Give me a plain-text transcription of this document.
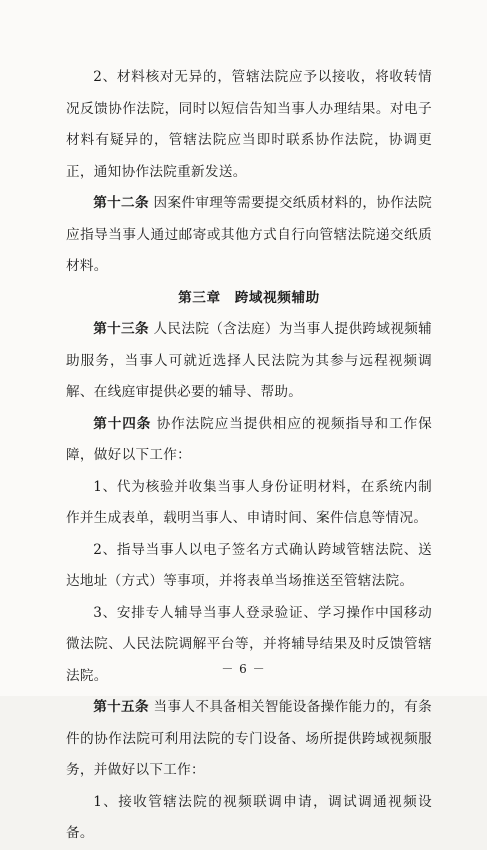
2、材料核对无异的，管辖法院应予以接收，将收转情况反馈协作法院，同时以短信告知当事人办理结果。对电子材料有疑异的，管辖法院应当即时联系协作法院，协调更正，通知协作法院重新发送。

第十二条 因案件审理等需要提交纸质材料的，协作法院应指导当事人通过邮寄或其他方式自行向管辖法院递交纸质材料。

第三章 跨域视频辅助

第十三条 人民法院（含法庭）为当事人提供跨域视频辅助服务，当事人可就近选择人民法院为其参与远程视频调解、在线庭审提供必要的辅导、帮助。

第十四条 协作法院应当提供相应的视频指导和工作保障，做好以下工作：

1、代为核验并收集当事人身份证明材料，在系统内制作并生成表单，载明当事人、申请时间、案件信息等情况。

2、指导当事人以电子签名方式确认跨域管辖法院、送达地址（方式）等事项，并将表单当场推送至管辖法院。

3、安排专人辅导当事人登录验证、学习操作中国移动微法院、人民法院调解平台等，并将辅导结果及时反馈管辖法院。

第十五条 当事人不具备相关智能设备操作能力的，有条件的协作法院可利用法院的专门设备、场所提供跨域视频服务，并做好以下工作：

1、接收管辖法院的视频联调申请，调试调通视频设备。

－ 6 －
